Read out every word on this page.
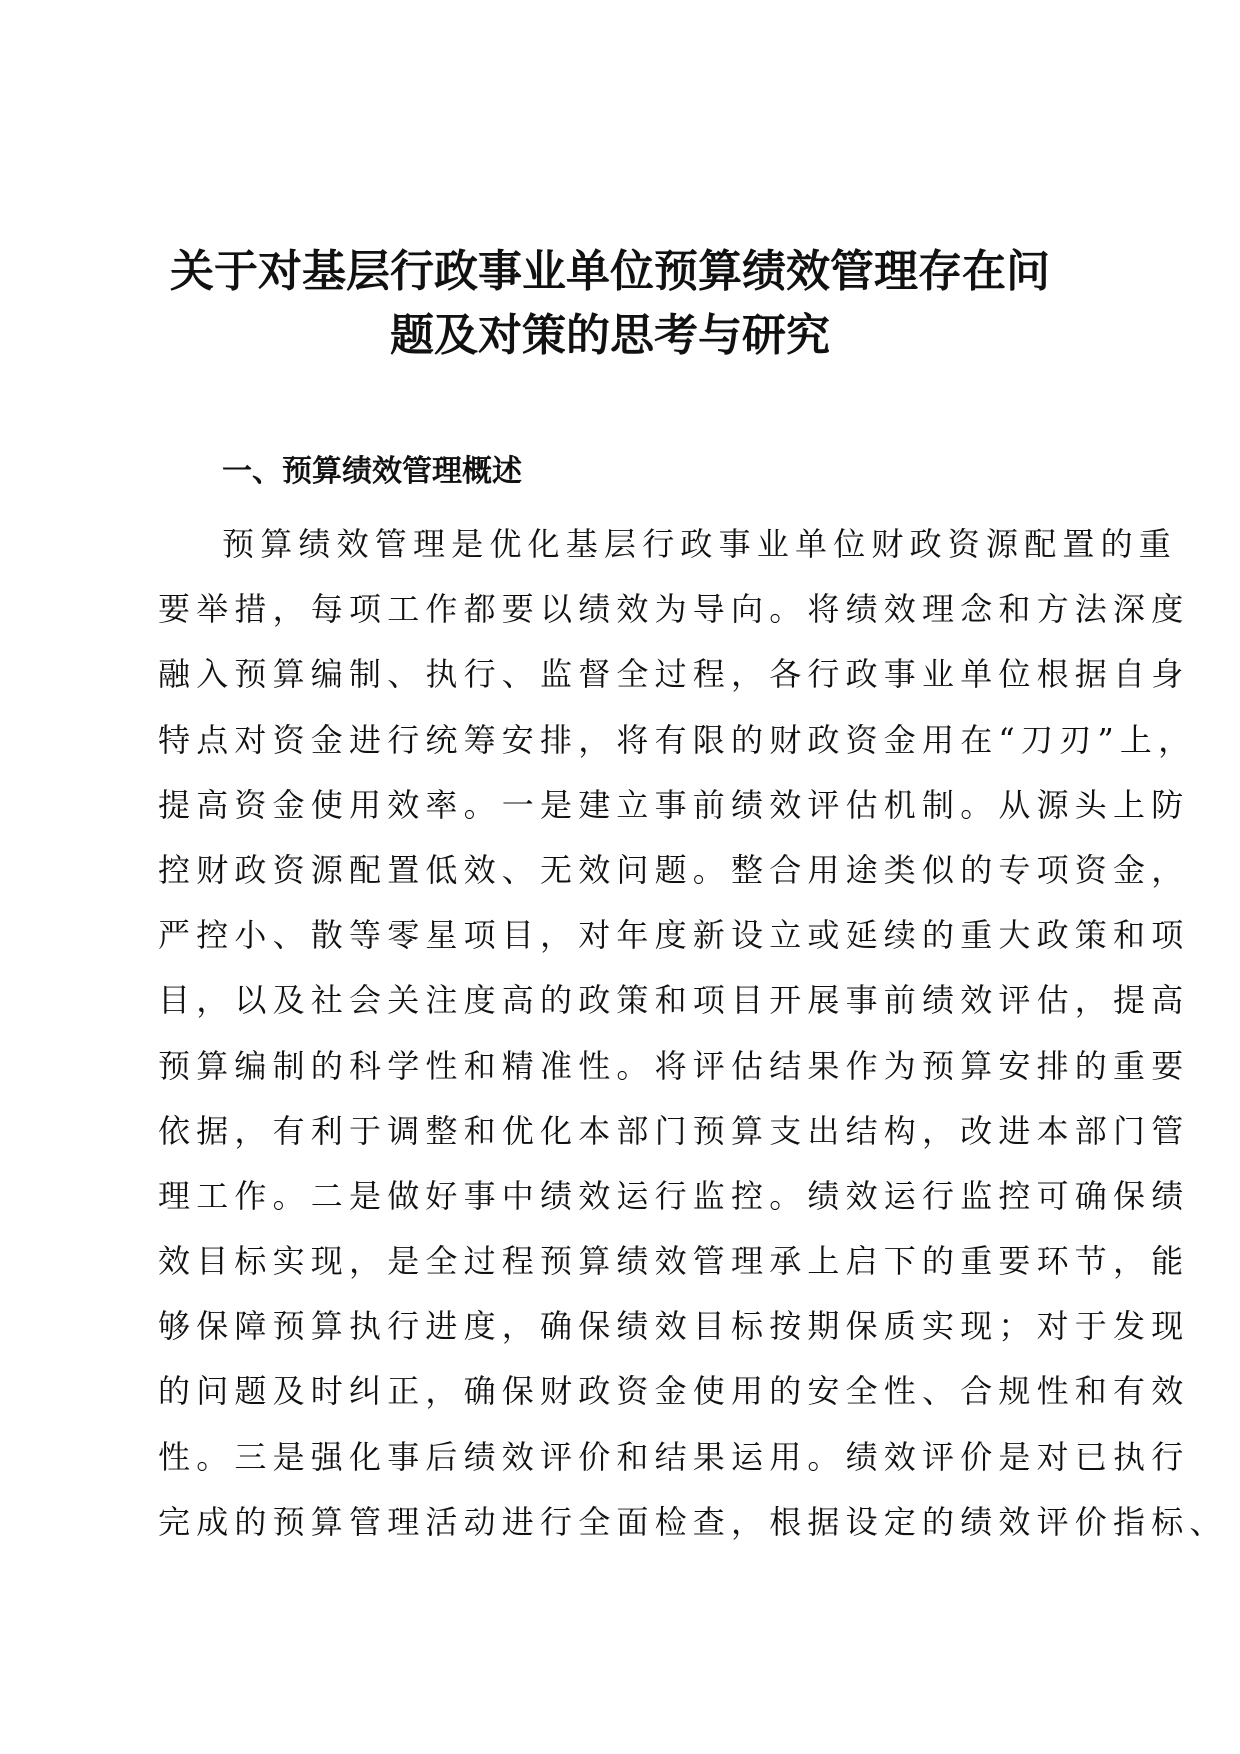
关于对基层行政事业单位预算绩效管理存在问
题及对策的思考与研究
一、预算绩效管理概述
预算绩效管理是优化基层行政事业单位财政资源配置的重
要举措，每项工作都要以绩效为导向。将绩效理念和方法深度
融入预算编制、执行、监督全过程，各行政事业单位根据自身
特点对资金进行统筹安排，将有限的财政资金用在“刀刃”上，
提高资金使用效率。一是建立事前绩效评估机制。从源头上防
控财政资源配置低效、无效问题。整合用途类似的专项资金，
严控小、散等零星项目，对年度新设立或延续的重大政策和项
目，以及社会关注度高的政策和项目开展事前绩效评估，提高
预算编制的科学性和精准性。将评估结果作为预算安排的重要
依据，有利于调整和优化本部门预算支出结构，改进本部门管
理工作。二是做好事中绩效运行监控。绩效运行监控可确保绩
效目标实现，是全过程预算绩效管理承上启下的重要环节，能
够保障预算执行进度，确保绩效目标按期保质实现；对于发现
的问题及时纠正，确保财政资金使用的安全性、合规性和有效
性。三是强化事后绩效评价和结果运用。绩效评价是对已执行
完成的预算管理活动进行全面检查，根据设定的绩效评价指标、
